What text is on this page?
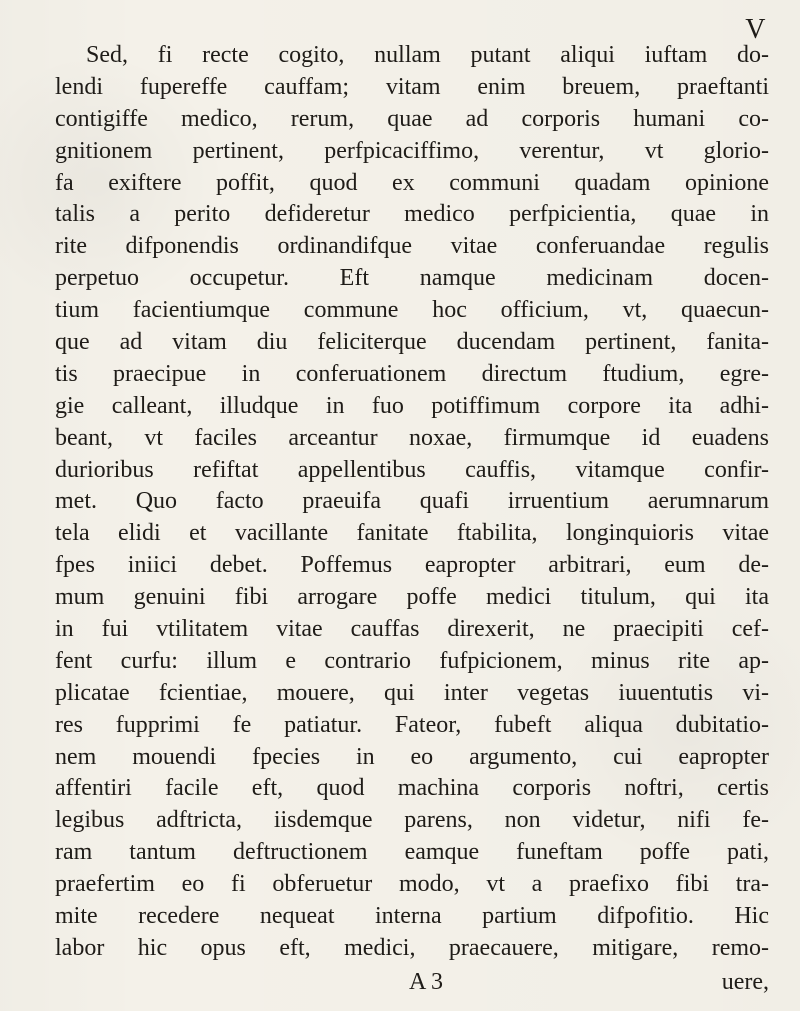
V
Sed, fi recte cogito, nullam putant aliqui iuftam do-
lendi fupereffe cauffam; vitam enim breuem, praeftanti
contigiffe medico, rerum, quae ad corporis humani co-
gnitionem pertinent, perfpicaciffimo, verentur, vt glorio-
fa exiftere poffit, quod ex communi quadam opinione
talis a perito defideretur medico perfpicientia, quae in
rite difponendis ordinandifque vitae conferuandae regulis
perpetuo occupetur. Eft namque medicinam docen-
tium facientiumque commune hoc officium, vt, quaecun-
que ad vitam diu feliciterque ducendam pertinent, fanita-
tis praecipue in conferuationem directum ftudium, egre-
gie calleant, illudque in fuo potiffimum corpore ita adhi-
beant, vt faciles arceantur noxae, firmumque id euadens
durioribus refiftat appellentibus cauffis, vitamque confir-
met. Quo facto praeuifa quafi irruentium aerumnarum
tela elidi et vacillante fanitate ftabilita, longinquioris vitae
fpes iniici debet. Poffemus eapropter arbitrari, eum de-
mum genuini fibi arrogare poffe medici titulum, qui ita
in fui vtilitatem vitae cauffas direxerit, ne praecipiti cef-
fent curfu: illum e contrario fufpicionem, minus rite ap-
plicatae fcientiae, mouere, qui inter vegetas iuuentutis vi-
res fupprimi fe patiatur. Fateor, fubeft aliqua dubitatio-
nem mouendi fpecies in eo argumento, cui eapropter
affentiri facile eft, quod machina corporis noftri, certis
legibus adftricta, iisdemque parens, non videtur, nifi fe-
ram tantum deftructionem eamque funeftam poffe pati,
praefertim eo fi obferuetur modo, vt a praefixo fibi tra-
mite recedere nequeat interna partium difpofitio. Hic
labor hic opus eft, medici, praecauere, mitigare, remo-
A 3	uere,
